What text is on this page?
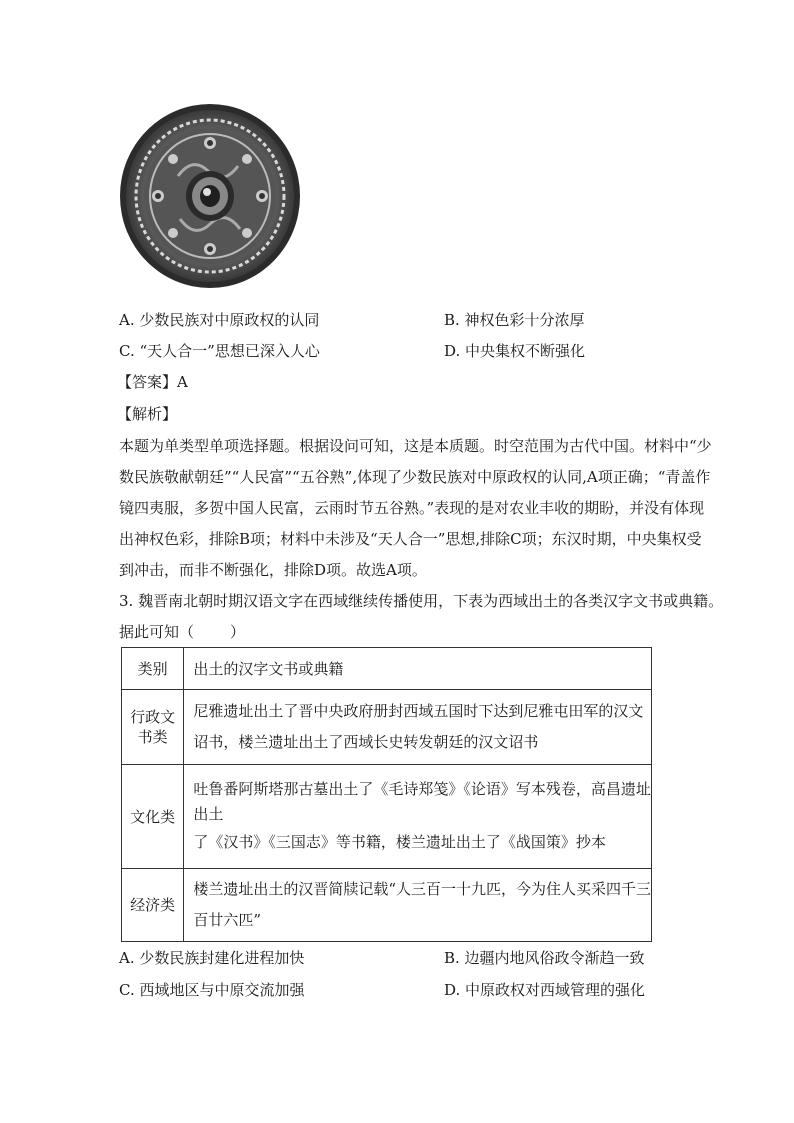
A. 少数民族对中原政权的认同	B. 神权色彩十分浓厚
C. “天人合一”思想已深入人心	D. 中央集权不断强化
【答案】A
【解析】
本题为单类型单项选择题。根据设问可知，这是本质题。时空范围为古代中国。材料中“少
数民族敬献朝廷”“人民富”“五谷熟”,体现了少数民族对中原政权的认同,A项正确；“青盖作
镜四夷服，多贺中国人民富，云雨时节五谷熟。”表现的是对农业丰收的期盼，并没有体现
出神权色彩，排除B项；材料中未涉及“天人合一”思想,排除C项；东汉时期，中央集权受
到冲击，而非不断强化，排除D项。故选A项。
3. 魏晋南北朝时期汉语文字在西域继续传播使用，下表为西域出土的各类汉字文书或典籍。
据此可知（ ）
类别	出土的汉字文书或典籍
行政文书类	尼雅遗址出土了晋中央政府册封西域五国时下达到尼雅屯田军的汉文
诏书，楼兰遗址出土了西域长史转发朝廷的汉文诏书

文化类	吐鲁番阿斯塔那古墓出土了《毛诗郑笺》《论语》写本残卷，高昌遗址
出土
了《汉书》《三国志》等书籍，楼兰遗址出土了《战国策》抄本

经济类	楼兰遗址出土的汉晋简牍记载“人三百一十九匹，今为住人买采四千三
百廿六匹”
A. 少数民族封建化进程加快	B. 边疆内地风俗政令渐趋一致
C. 西域地区与中原交流加强	D. 中原政权对西域管理的强化
